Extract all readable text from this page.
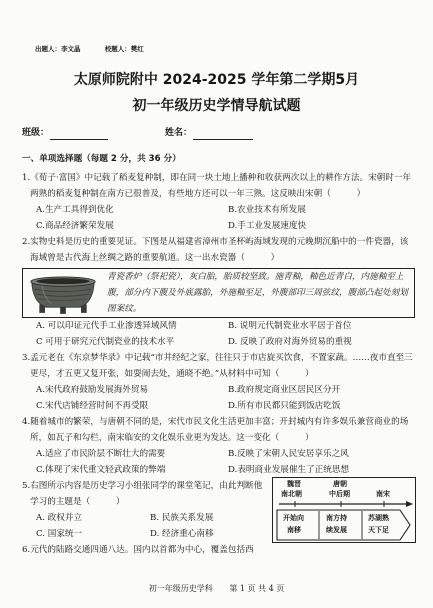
出题人：李文晶	校题人：樊红
太原师院附中 2024-2025 学年第二学期5月
初一年级历史学情导航试题
班级：	姓名：
一、单项选择题（每题 2 分，共 36 分）
1.《荀子·富国》中记载了稻麦复种制，即在同一块土地上播种和收获两次以上的耕作方法。宋朝时一年两熟的稻麦复种制在南方已很普及，有些地方还可以一年三熟。这反映出宋朝（　　　）
A.生产工具得到优化	B.农业技术有所发展
C.商品经济繁荣发展	D.手工业发展速度快
2.实物史料是历史的重要见证。下图是从福建省漳州市圣杯屿海域发现的元晚期沉船中的一件瓷器，该海域曾是古代海上丝绸之路的重要航道。这一出水瓷器（　　　）
青瓷香炉（祭祀瓷），灰白胎，胎质较坚致。施青釉，釉色近青白，内施釉至上腹，部分内下腹及外底露胎，外施釉至足，外腹部印三周弦纹，腹部凸起处刻划图案纹。
A. 可以印证元代手工业渗透异域风情	B. 说明元代制瓷业水平居于首位
C 可用于研究元代制瓷业的技术水平	D. 反映了政府对海外贸易的重视
3.孟元老在《东京梦华录》中记载“市井经纪之家，往往只于市店旋买饮食，不置家蔬。……夜市直至三更尽，才五更又复开张，如耍闹去处，通晓不绝。”从材料中可知（　　　）
A.宋代政府鼓励发展海外贸易	B.政府规定商业区居民区分开
C.宋代店铺经营时间不再受限	D.所有市民都只能到饭店吃饭
4.随着城市的繁荣，与唐朝不同的是，宋代市民文化生活更加丰富；开封城内有许多娱乐兼营商业的场所，如瓦子和勾栏，南宋临安的文化娱乐业更为发达。这一变化（　　　）
A.适应了市民阶层不断壮大的需要	B.反映了宋朝人民安居享乐之风
C.体现了宋代重文轻武政策的弊端	D.表明商业发展催生了正统思想
5.右图所示内容是历史学习小组张同学的课堂笔记，由此判断他学习的主题是（　　　）
A. 政权并立	B. 民族关系发展
C. 国家统一	D. 经济重心南移
魏晋
南北朝
唐朝
中后期	南宋
开始向
南移
南方持
续发展
苏湖熟
天下足
6.元代的陆路交通四通八达。国内以首都为中心，覆盖包括西
初一年级历史学科 第 1 页 共 4 页
